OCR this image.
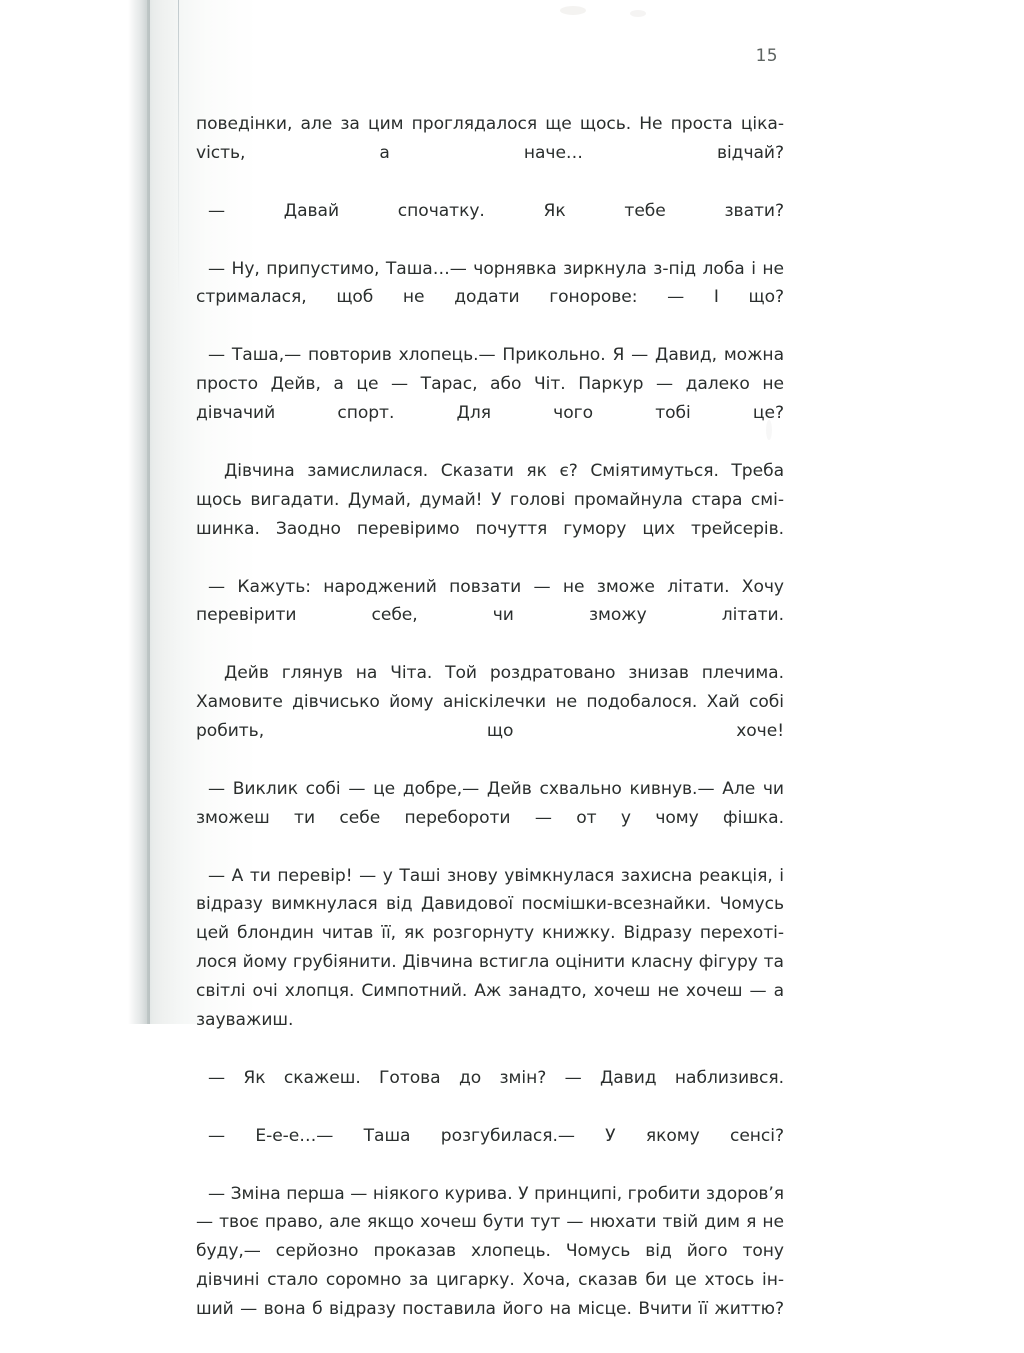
15

поведінки, але за цим проглядалося ще щось. Не проста цікаvість, а наче… відчай?

— Давай спочатку. Як тебе звати?

— Ну, припустимо, Таша…— чорнявка зиркнула з-під лоба і не стрималася, щоб не додати гонорове: — І що?

— Таша,— повторив хлопець.— Прикольно. Я — Давид, можна просто Дейв, а це — Тарас, або Чіт. Паркур — далеко не дівчачий спорт. Для чого тобі це?

Дівчина замислилася. Сказати як є? Сміятимуться. Треба щось вигадати. Думай, думай! У голові промайнула стара смішинка. Заодно перевіримо почуття гумору цих трейсерів.

— Кажуть: народжений повзати — не зможе літати. Хочу перевірити себе, чи зможу літати.

Дейв глянув на Чіта. Той роздратовано знизав плечима. Хамовите дівчисько йому аніскілечки не подобалося. Хай собі робить, що хоче!

— Виклик собі — це добре,— Дейв схвально кивнув.— Але чи зможеш ти себе перебороти — от у чому фішка.

— А ти перевір! — у Таші знову увімкнулася захисна реакція, і відразу вимкнулася від Давидової посмішки-всезнайки. Чомусь цей блондин читав її, як розгорнуту книжку. Відразу перехотілося йому грубіянити. Дівчина встигла оцінити класну фігуру та світлі очі хлопця. Симпотний. Аж занадто, хочеш не хочеш — а зауважиш.

— Як скажеш. Готова до змін? — Давид наблизився.

— Е-е-е…— Таша розгубилася.— У якому сенсі?

— Зміна перша — ніякого курива. У принципі, гробити здоров’я — твоє право, але якщо хочеш бути тут — нюхати твій дим я не буду,— серйозно проказав хлопець. Чомусь від його тону дівчині стало соромно за цигарку. Хоча, сказав би це хтось інший — вона б відразу поставила його на місце. Вчити її життю?
